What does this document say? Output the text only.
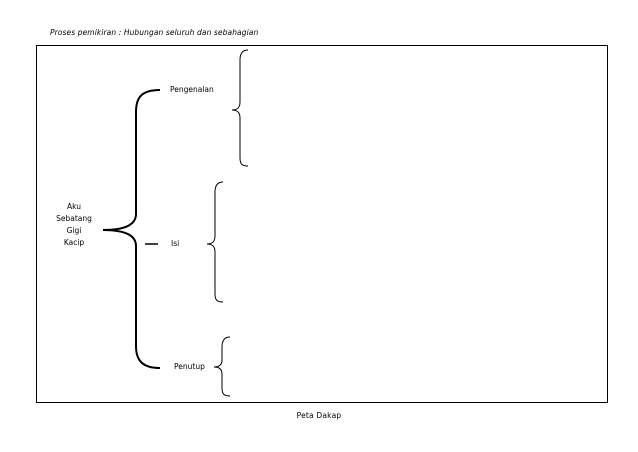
Proses pemikiran : Hubungan seluruh dan sebahagian
Aku
Sebatang
Gigi
Kacip
Pengenalan
Isi
Penutup
Peta Dakap
